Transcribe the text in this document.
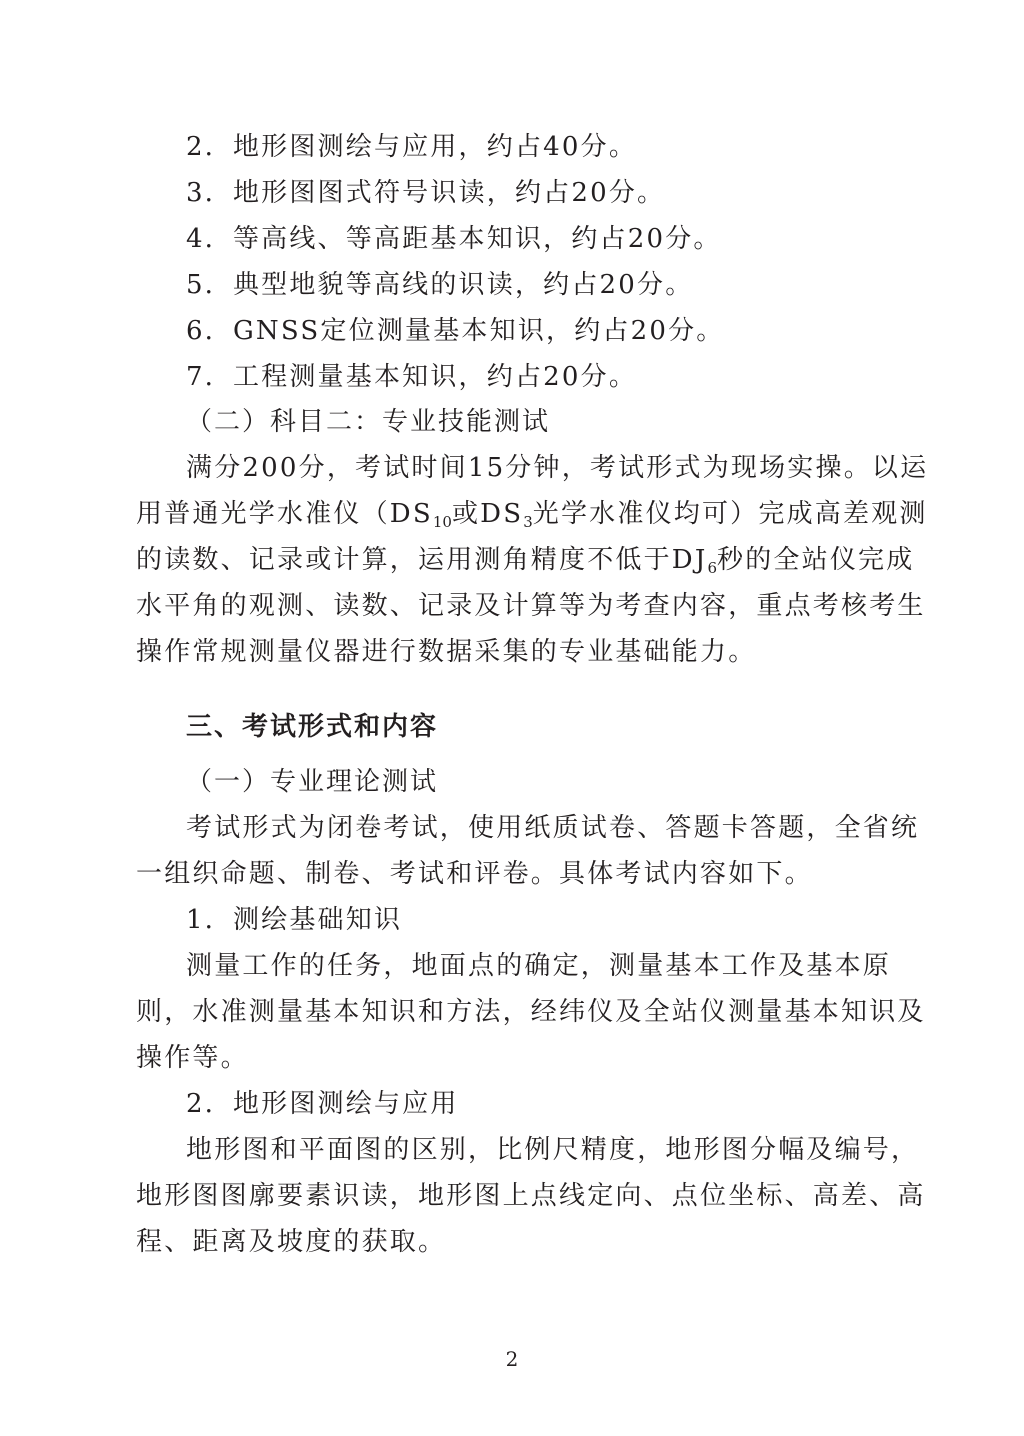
2．地形图测绘与应用，约占40分。
3．地形图图式符号识读，约占20分。
4．等高线、等高距基本知识，约占20分。
5．典型地貌等高线的识读，约占20分。
6．GNSS定位测量基本知识，约占20分。
7．工程测量基本知识，约占20分。
（二）科目二：专业技能测试
满分200分，考试时间15分钟，考试形式为现场实操。以运
用普通光学水准仪（$DS_{10}$或$DS_3$光学水准仪均可）完成高差观测
的读数、记录或计算，运用测角精度不低于$DJ_6$秒的全站仪完成
水平角的观测、读数、记录及计算等为考查内容，重点考核考生
操作常规测量仪器进行数据采集的专业基础能力。
三、考试形式和内容
（一）专业理论测试
考试形式为闭卷考试，使用纸质试卷、答题卡答题，全省统
一组织命题、制卷、考试和评卷。具体考试内容如下。
1．测绘基础知识
测量工作的任务，地面点的确定，测量基本工作及基本原
则，水准测量基本知识和方法，经纬仪及全站仪测量基本知识及
操作等。
2．地形图测绘与应用
地形图和平面图的区别，比例尺精度，地形图分幅及编号，
地形图图廓要素识读，地形图上点线定向、点位坐标、高差、高
程、距离及坡度的获取。
2
